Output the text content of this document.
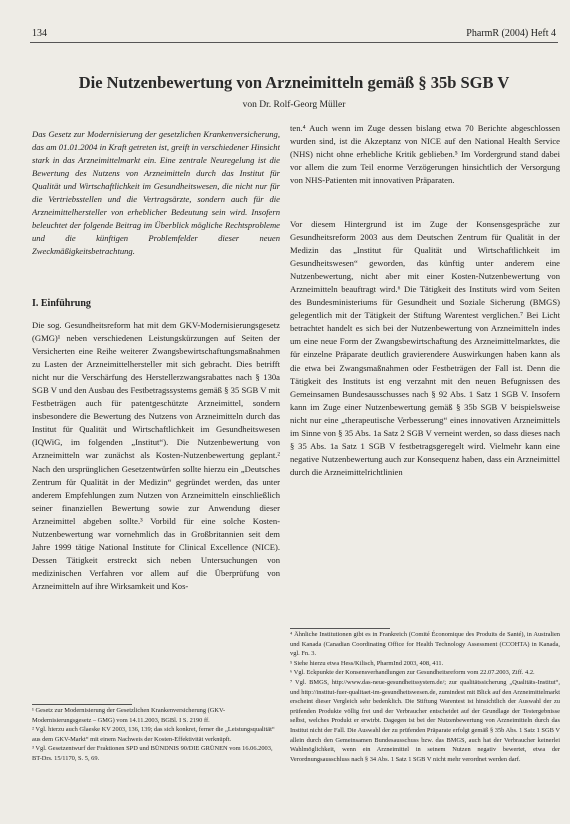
134	PharmR (2004) Heft 4
Die Nutzenbewertung von Arzneimitteln gemäß § 35b SGB V
von Dr. Rolf-Georg Müller

Das Gesetz zur Modernisierung der gesetzlichen Krankenversicherung, das am 01.01.2004 in Kraft getreten ist, greift in verschiedener Hinsicht stark in das Arzneimittelmarkt ein. Eine zentrale Neuregelung ist die Bewertung des Nutzens von Arzneimitteln durch das Institut für Qualität und Wirtschaftlichkeit im Gesundheitswesen, die nicht nur für die Vertriebsstellen und die Vertragsärzte, sondern auch für die Arzneimittelhersteller von erheblicher Bedeutung sein wird. Insofern beleuchtet der folgende Beitrag im Überblick mögliche Rechtsprobleme und die künftigen Problemfelder dieser neuen Zweckmäßigkeitsbetrachtung.

I. Einführung

Die sog. Gesundheitsreform hat mit dem GKV-Modernisierungsgesetz (GMG)¹ neben verschiedenen Leistungskürzungen auf Seiten der Versicherten eine Reihe weiterer Zwangsbewirtschaftungsmaßnahmen zu Lasten der Arzneimittelhersteller mit sich gebracht. Dies betrifft nicht nur die Verschärfung des Herstellerzwangsrabattes nach § 130a SGB V und den Ausbau des Festbetragssystems gemäß § 35 SGB V mit Festbeträgen auch für patentgeschützte Arzneimittel, sondern insbesondere die Bewertung des Nutzens von Arzneimitteln durch das Institut für Qualität und Wirtschaftlichkeit im Gesundheitswesen (IQWiG, im folgenden „Institut“). Die Nutzenbewertung von Arzneimitteln war zunächst als Kosten-Nutzenbewertung geplant.² Nach den ursprünglichen Gesetzentwürfen sollte hierzu ein „Deutsches Zentrum für Qualität in der Medizin“ gegründet werden, das unter anderem Empfehlungen zum Nutzen von Arzneimitteln einschließlich seiner finanziellen Bewertung sowie zur Anwendung dieser Arzneimittel abgeben sollte.³ Vorbild für eine solche Kosten-Nutzenbewertung war vornehmlich das in Großbritannien seit dem Jahre 1999 tätige National Institute for Clinical Excellence (NICE). Dessen Tätigkeit erstreckt sich neben Untersuchungen von medizinischen Verfahren vor allem auf die Überprüfung von Arzneimitteln auf ihre Wirksamkeit und Kos-

¹ Gesetz zur Modernisierung der Gesetzlichen Krankenversicherung (GKV-Modernisierungsgesetz – GMG) vom 14.11.2003, BGBl. I S. 2190 ff.

² Vgl. hierzu auch Glaeske KV 2003, 136, 139; das sich konkret, ferner die „Leistungsqualität“ aus dem GKV-Markt“ mit einem Nachweis der Kosten-Effektivität verknüpft.

³ Vgl. Gesetzentwurf der Fraktionen SPD und BÜNDNIS 90/DIE GRÜNEN vom 16.06.2003, BT-Drs. 15/1170, S. 5, 69.

ten.⁴ Auch wenn im Zuge dessen bislang etwa 70 Berichte abgeschlossen wurden sind, ist die Akzeptanz von NICE auf den National Health Service (NHS) nicht ohne erhebliche Kritik geblieben.⁵ Im Vordergrund stand dabei vor allem die zum Teil enorme Verzögerungen hinsichtlich der Versorgung von NHS-Patienten mit innovativen Präparaten.

Vor diesem Hintergrund ist im Zuge der Konsensgespräche zur Gesundheitsreform 2003 aus dem Deutschen Zentrum für Qualität in der Medizin das „Institut für Qualität und Wirtschaftlichkeit im Gesundheitswesen“ geworden, das künftig unter anderem eine Nutzenbewertung, nicht aber mit einer Kosten-Nutzenbewertung von Arzneimitteln beauftragt wird.⁶ Die Tätigkeit des Instituts wird vom Seiten des Bundesministeriums für Gesundheit und Soziale Sicherung (BMGS) gelegentlich mit der Tätigkeit der Stiftung Warentest verglichen.⁷ Bei Licht betrachtet handelt es sich bei der Nutzenbewertung von Arzneimitteln indes um eine neue Form der Zwangsbewirtschaftung des Arzneimittelmarktes, die für einzelne Präparate deutlich gravierendere Auswirkungen haben kann als die etwa bei Zwangsmaßnahmen oder Festbeträgen der Fall ist. Denn die Tätigkeit des Instituts ist eng verzahnt mit den neuen Befugnissen des Gemeinsamen Bundesausschusses nach § 92 Abs. 1 Satz 1 SGB V. Insofern kann im Zuge einer Nutzenbewertung gemäß § 35b SGB V beispielsweise nicht nur eine „therapeutische Verbesserung“ eines innovativen Arzneimittels im Sinne von § 35 Abs. 1a Satz 2 SGB V verneint werden, so dass dieses nach § 35 Abs. 1a Satz 1 SGB V festbetragsgeregelt wird. Vielmehr kann eine negative Nutzenbewertung auch zur Konsequenz haben, dass ein Arzneimittel durch die Arzneimittelrichtlinien

⁴ Ähnliche Institutionen gibt es in Frankreich (Comité Économique des Produits de Santé), in Australien und Kanada (Canadian Coordinating Office for Health Technology Assessment (CCOHTA) in Kanada, vgl. Fn. 3.

⁵ Siehe hierzu etwa Hess/Kilisch, PharmInd 2003, 408, 411.

⁶ Vgl. Eckpunkte der Konsensverhandlungen zur Gesundheitsreform vom 22.07.2003, Ziff. 4.2.

⁷ Vgl. BMGS, http://www.das-neue-gesundheitssystem.de/; zur qualitätssicherung „Qualitäts-Institut“, und http://institut-fuer-qualitaet-im-gesundheitswesen.de, zumindest mit Blick auf den Arzneimittelmarkt erscheint dieser Vergleich sehr bedenklich. Die Stiftung Warentest ist hinsichtlich der Auswahl der zu prüfenden Produkte völlig frei und der Verbraucher entscheidet auf der Grundlage der Testergebnisse selbst, welches Produkt er erwirbt. Dagegen ist bei der Nutzenbewertung von Arzneimitteln durch das Institut nicht der Fall. Die Auswahl der zu prüfenden Präparate erfolgt gemäß § 35b Abs. 1 Satz 1 SGB V allein durch den Gemeinsamen Bundesausschuss bzw. das BMGS, auch hat der Verbraucher keinerlei Wahlmöglichkeit, wenn ein Arzneimittel in seinem Nutzen negativ bewertet, etwa der Verordnungsausschluss nach § 34 Abs. 1 Satz 1 SGB V nicht mehr verordnet werden darf.
